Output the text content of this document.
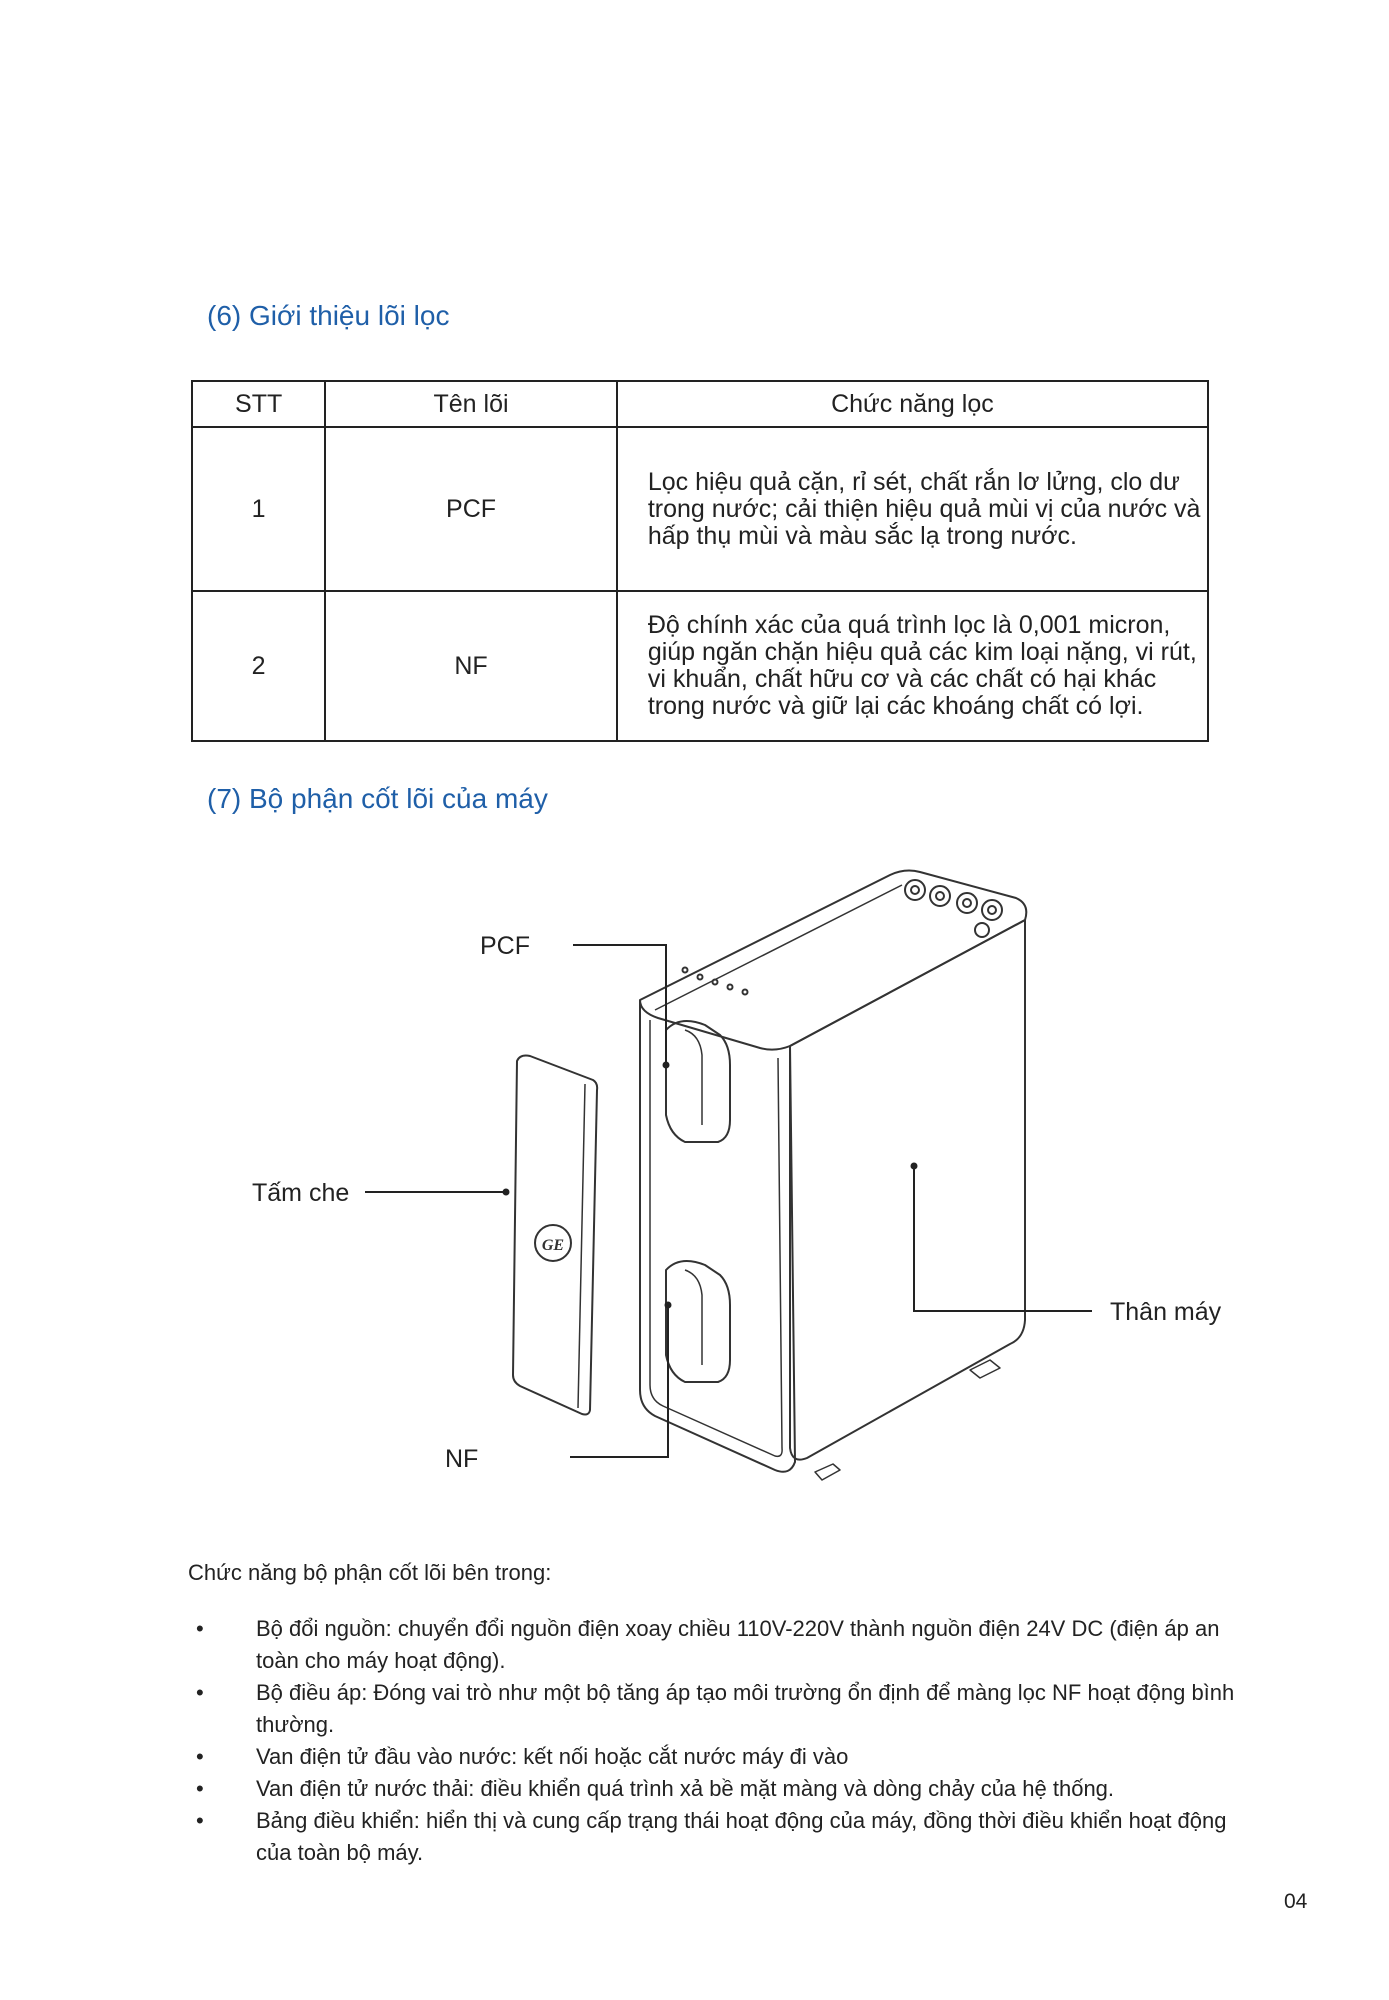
(6) Giới thiệu lõi lọc
STT	Tên lõi	Chức năng lọc
1	PCF	Lọc hiệu quả cặn, rỉ sét, chất rắn lơ lửng, clo dư trong nước; cải thiện hiệu quả mùi vị của nước và hấp thụ mùi và màu sắc lạ trong nước.
2	NF	Độ chính xác của quá trình lọc là 0,001 micron, giúp ngăn chặn hiệu quả các kim loại nặng, vi rút, vi khuẩn, chất hữu cơ và các chất có hại khác trong nước và giữ lại các khoáng chất có lợi.
(7) Bộ phận cốt lõi của máy
GE
PCF
Tấm che
Thân máy
NF

Chức năng bộ phận cốt lõi bên trong:

• Bộ đổi nguồn: chuyển đổi nguồn điện xoay chiều 110V-220V thành nguồn điện 24V DC (điện áp an toàn cho máy hoạt động).
• Bộ điều áp: Đóng vai trò như một bộ tăng áp tạo môi trường ổn định để màng lọc NF hoạt động bình thường.
• Van điện tử đầu vào nước: kết nối hoặc cắt nước máy đi vào
• Van điện tử nước thải: điều khiển quá trình xả bề mặt màng và dòng chảy của hệ thống.
• Bảng điều khiển: hiển thị và cung cấp trạng thái hoạt động của máy, đồng thời điều khiển hoạt động của toàn bộ máy.

04
